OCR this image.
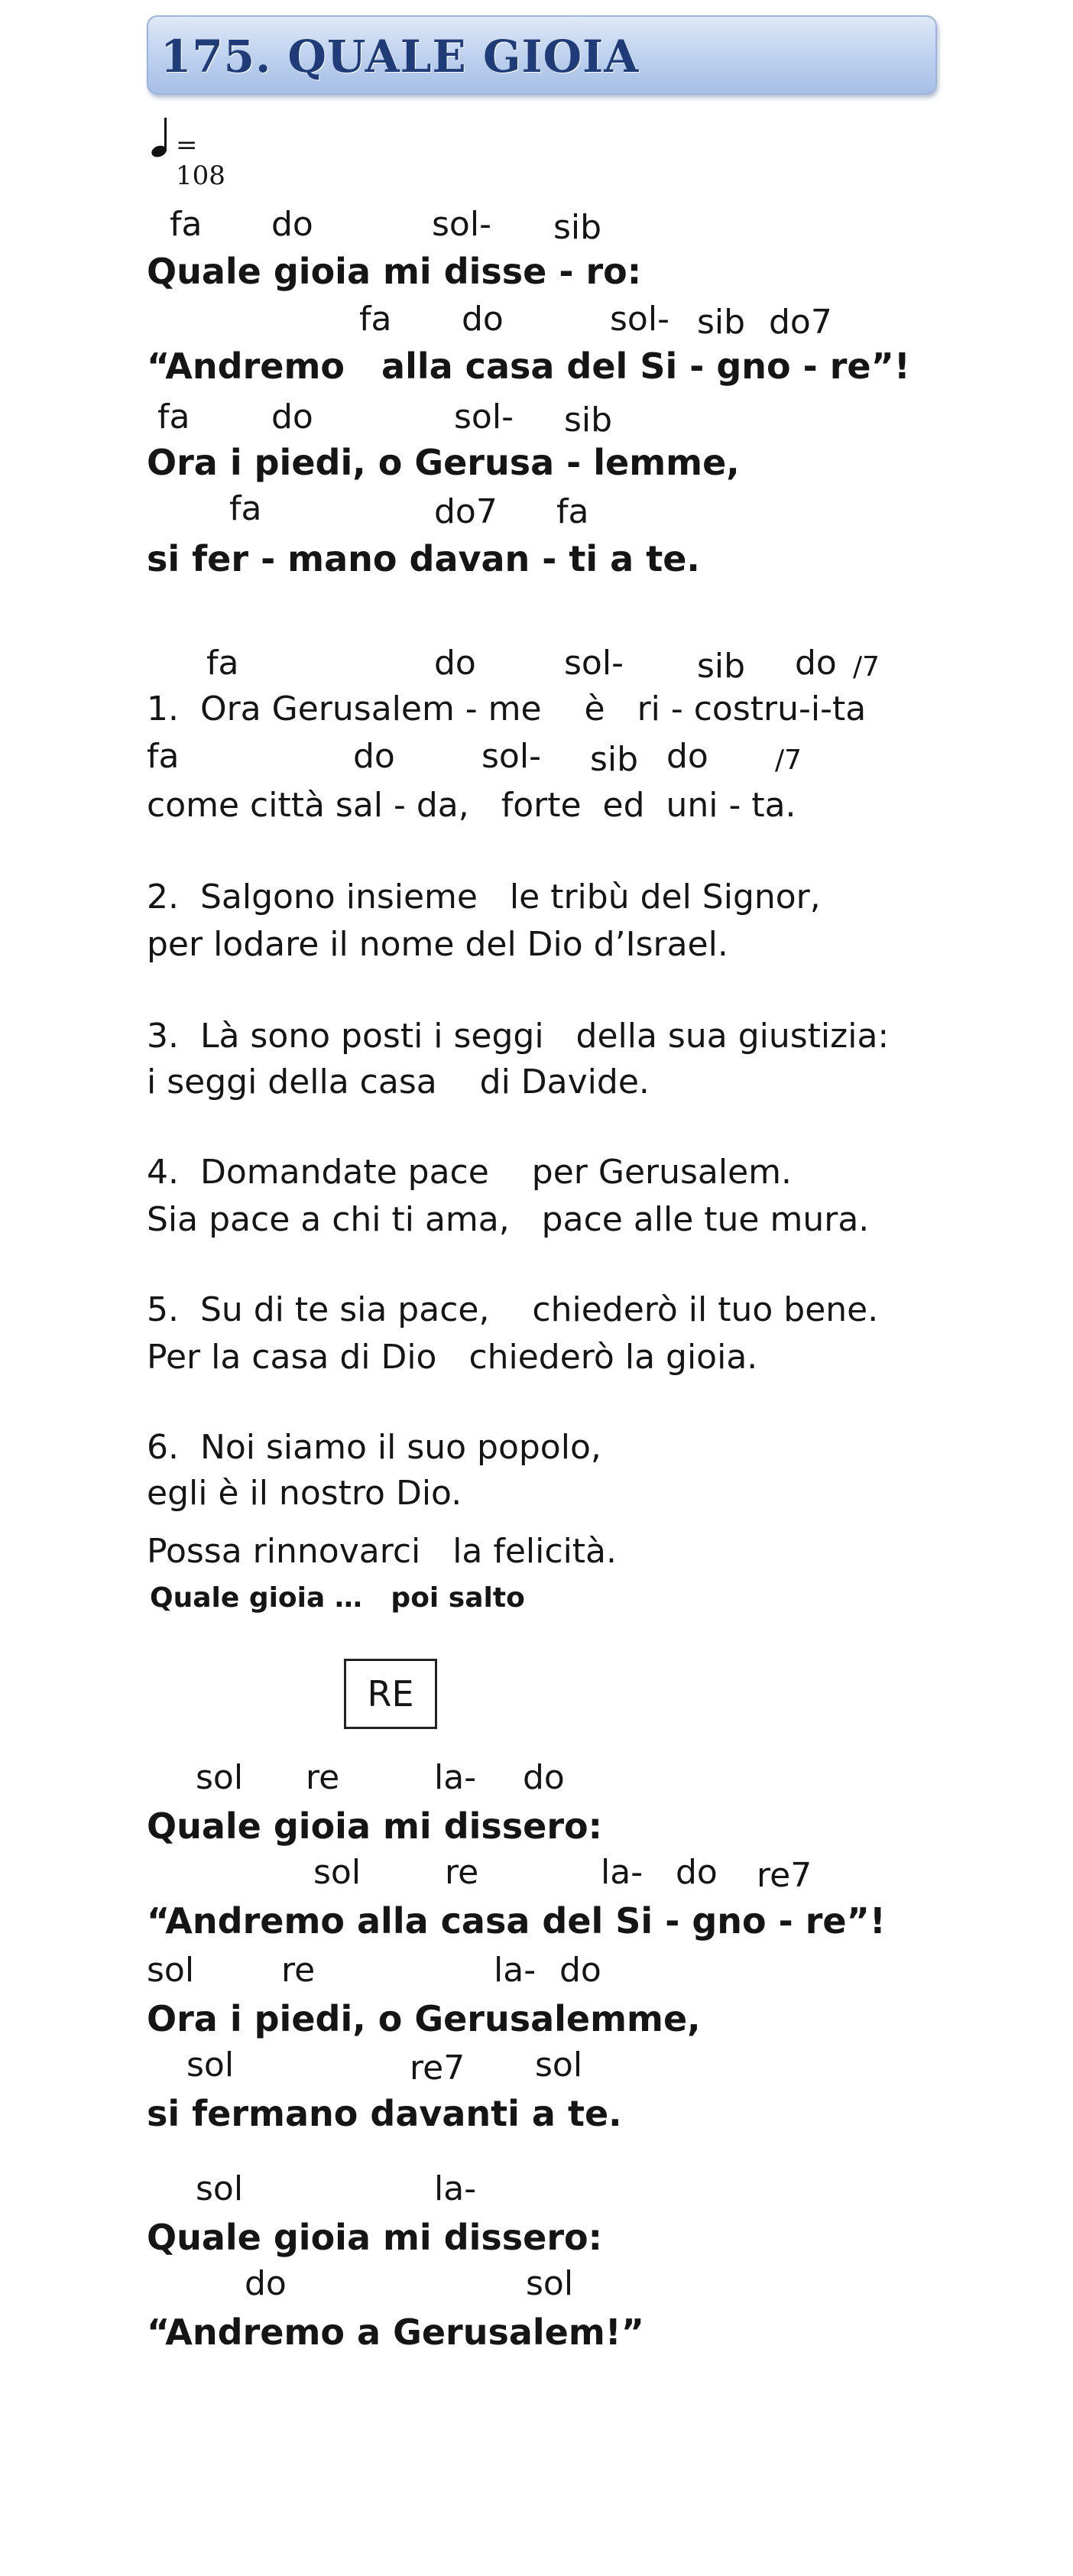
175. QUALE GIOIA
= 108
fa do	sol- sib
Quale gioia mi disse - ro:
fa do	sol- sib do7
“Andremo   alla casa del Si - gno - re”!
fa do	sol- sib
Ora i piedi, o Gerusa - lemme,
fa	do7 fa
si fer - mano davan - ti a te.
fa	do	sol- sib do /7
1.  Ora Gerusalem - me    è   ri - costru-i-ta
fa	do	sol- sib do /7
come città sal - da,   forte  ed  uni - ta.
2.  Salgono insieme   le tribù del Signor,
per lodare il nome del Dio d’Israel.
3.  Là sono posti i seggi   della sua giustizia:
i seggi della casa    di Davide.
4.  Domandate pace    per Gerusalem.
Sia pace a chi ti ama,   pace alle tue mura.
5.  Su di te sia pace,    chiederò il tuo bene.
Per la casa di Dio   chiederò la gioia.
6.  Noi siamo il suo popolo,
egli è il nostro Dio.
Possa rinnovarci   la felicità.
Quale gioia …   poi salto
RE
sol re	la- do
Quale gioia mi dissero:
sol re	la- do re7
“Andremo alla casa del Si - gno - re”!
sol	re	la- do
Ora i piedi, o Gerusalemme,
sol	re7 sol
si fermano davanti a te.
sol	la-
Quale gioia mi dissero:
do	sol
“Andremo a Gerusalem!”
